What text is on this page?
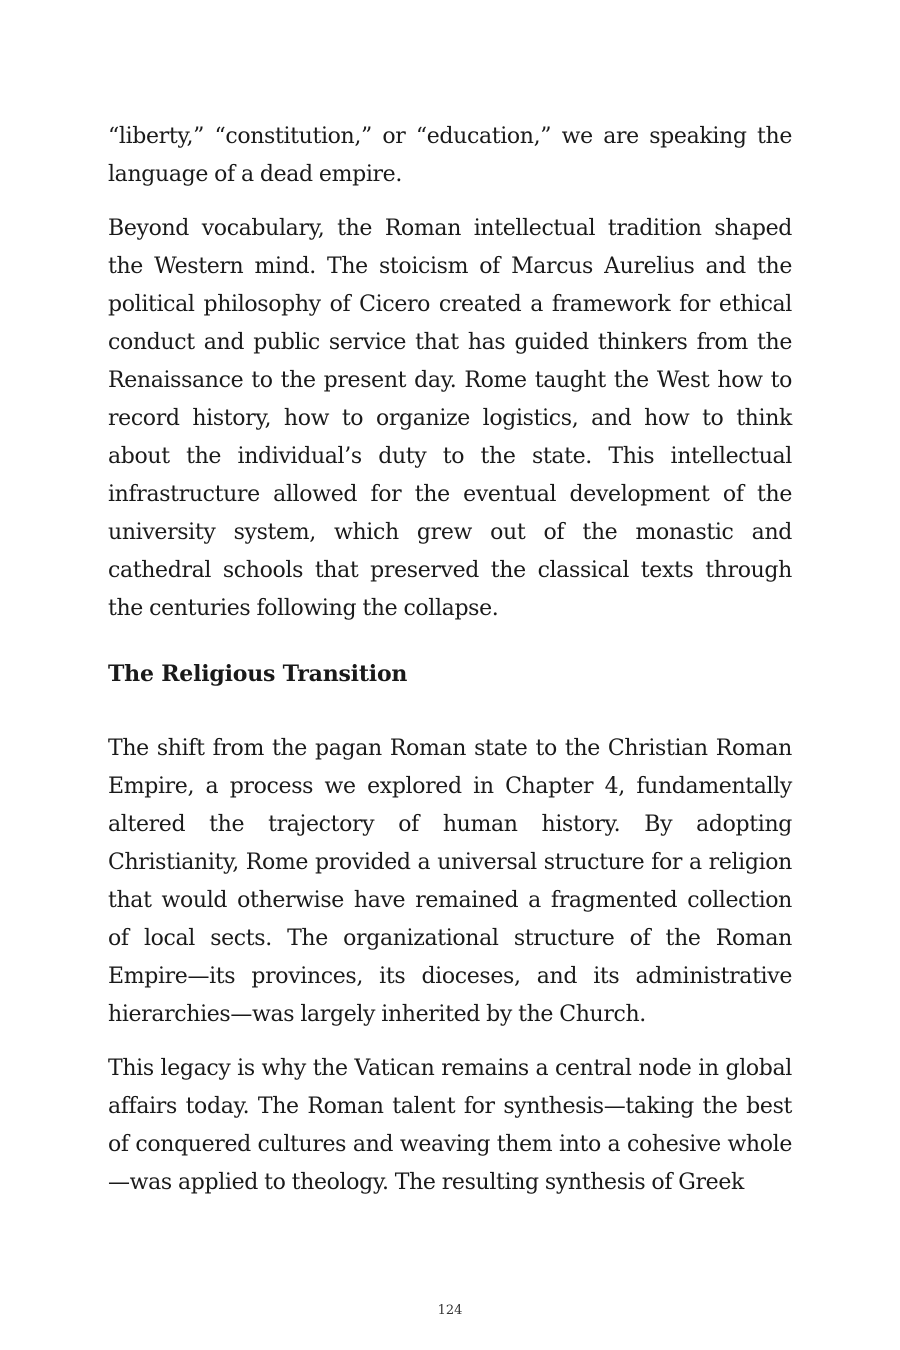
“liberty,” “constitution,” or “education,” we are speaking the language of a dead empire.

Beyond vocabulary, the Roman intellectual tradition shaped the Western mind. The stoicism of Marcus Aurelius and the political philosophy of Cicero created a framework for ethical conduct and public service that has guided thinkers from the Renaissance to the present day. Rome taught the West how to record history, how to organize logistics, and how to think about the individual’s duty to the state. This intellectual infrastructure allowed for the eventual development of the university system, which grew out of the monastic and cathedral schools that preserved the classical texts through the centuries following the collapse.

The Religious Transition

The shift from the pagan Roman state to the Christian Roman Empire, a process we explored in Chapter 4, fundamentally altered the trajectory of human history. By adopting Christianity, Rome provided a universal structure for a religion that would otherwise have remained a fragmented collection of local sects. The organizational structure of the Roman Empire—its provinces, its dioceses, and its administrative hierarchies—was largely inherited by the Church.

This legacy is why the Vatican remains a central node in global affairs today. The Roman talent for synthesis—taking the best of conquered cultures and weaving them into a cohesive whole—was applied to theology. The resulting synthesis of Greek

124
